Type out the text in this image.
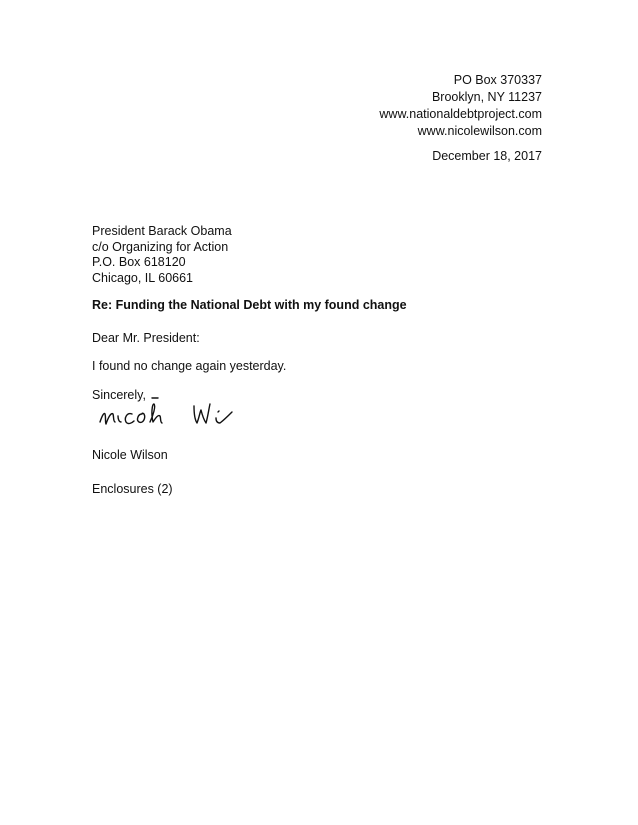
PO Box 370337
Brooklyn, NY 11237
www.nationaldebtproject.com
www.nicolewilson.com
December 18, 2017
President Barack Obama
c/o Organizing for Action
P.O. Box 618120
Chicago, IL 60661
Re: Funding the National Debt with my found change
Dear Mr. President:
I found no change again yesterday.
Sincerely,
Nicole Wilson
Enclosures (2)
